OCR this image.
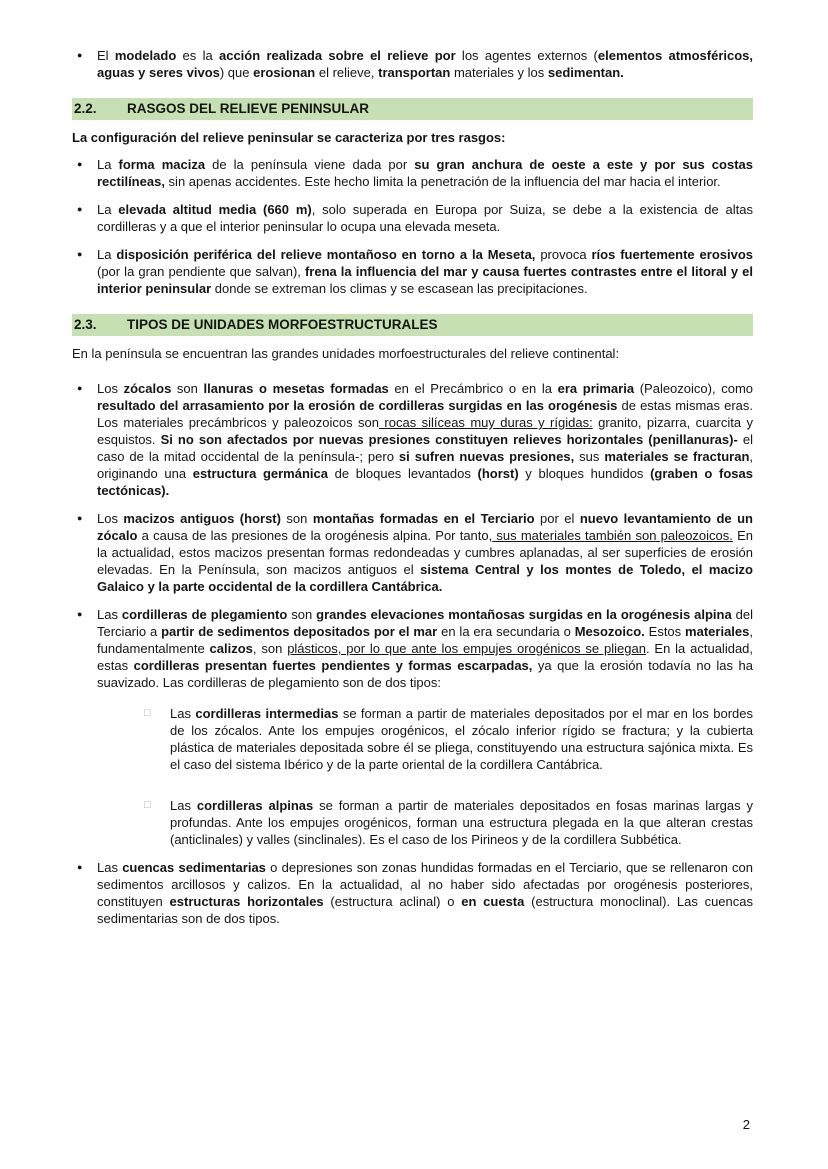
● El modelado es la acción realizada sobre el relieve por los agentes externos (elementos atmosféricos, aguas y seres vivos) que erosionan el relieve, transportan materiales y los sedimentan.
2.2.	RASGOS DEL RELIEVE PENINSULAR

La configuración del relieve peninsular se caracteriza por tres rasgos:

● La forma maciza de la península viene dada por su gran anchura de oeste a este y por sus costas rectilíneas, sin apenas accidentes. Este hecho limita la penetración de la influencia del mar hacia el interior.
● La elevada altitud media (660 m), solo superada en Europa por Suiza, se debe a la existencia de altas cordilleras y a que el interior peninsular lo ocupa una elevada meseta.
● La disposición periférica del relieve montañoso en torno a la Meseta, provoca ríos fuertemente erosivos (por la gran pendiente que salvan), frena la influencia del mar y causa fuertes contrastes entre el litoral y el interior peninsular donde se extreman los climas y se escasean las precipitaciones.
2.3.	TIPOS DE UNIDADES MORFOESTRUCTURALES

En la península se encuentran las grandes unidades morfoestructurales del relieve continental:

● Los zócalos son llanuras o mesetas formadas en el Precámbrico o en la era primaria (Paleozoico), como resultado del arrasamiento por la erosión de cordilleras surgidas en las orogénesis de estas mismas eras. Los materiales precámbricos y paleozoicos son rocas silíceas muy duras y rígidas: granito, pizarra, cuarcita y esquistos. Si no son afectados por nuevas presiones constituyen relieves horizontales (penillanuras)- el caso de la mitad occidental de la península-; pero si sufren nuevas presiones, sus materiales se fracturan, originando una estructura germánica de bloques levantados (horst) y bloques hundidos (graben o fosas tectónicas).
● Los macizos antiguos (horst) son montañas formadas en el Terciario por el nuevo levantamiento de un zócalo a causa de las presiones de la orogénesis alpina. Por tanto, sus materiales también son paleozoicos. En la actualidad, estos macizos presentan formas redondeadas y cumbres aplanadas, al ser superficies de erosión elevadas. En la Península, son macizos antiguos el sistema Central y los montes de Toledo, el macizo Galaico y la parte occidental de la cordillera Cantábrica.
● Las cordilleras de plegamiento son grandes elevaciones montañosas surgidas en la orogénesis alpina del Terciario a partir de sedimentos depositados por el mar en la era secundaria o Mesozoico. Estos materiales, fundamentalmente calizos, son plásticos, por lo que ante los empujes orogénicos se pliegan. En la actualidad, estas cordilleras presentan fuertes pendientes y formas escarpadas, ya que la erosión todavía no las ha suavizado. Las cordilleras de plegamiento son de dos tipos:
□ Las cordilleras intermedias se forman a partir de materiales depositados por el mar en los bordes de los zócalos. Ante los empujes orogénicos, el zócalo inferior rígido se fractura; y la cubierta plástica de materiales depositada sobre él se pliega, constituyendo una estructura sajónica mixta. Es el caso del sistema Ibérico y de la parte oriental de la cordillera Cantábrica.
□ Las cordilleras alpinas se forman a partir de materiales depositados en fosas marinas largas y profundas. Ante los empujes orogénicos, forman una estructura plegada en la que alteran crestas (anticlinales) y valles (sinclinales). Es el caso de los Pirineos y de la cordillera Subbética.
● Las cuencas sedimentarias o depresiones son zonas hundidas formadas en el Terciario, que se rellenaron con sedimentos arcillosos y calizos. En la actualidad, al no haber sido afectadas por orogénesis posteriores, constituyen estructuras horizontales (estructura aclinal) o en cuesta (estructura monoclinal). Las cuencas sedimentarias son de dos tipos.
2
